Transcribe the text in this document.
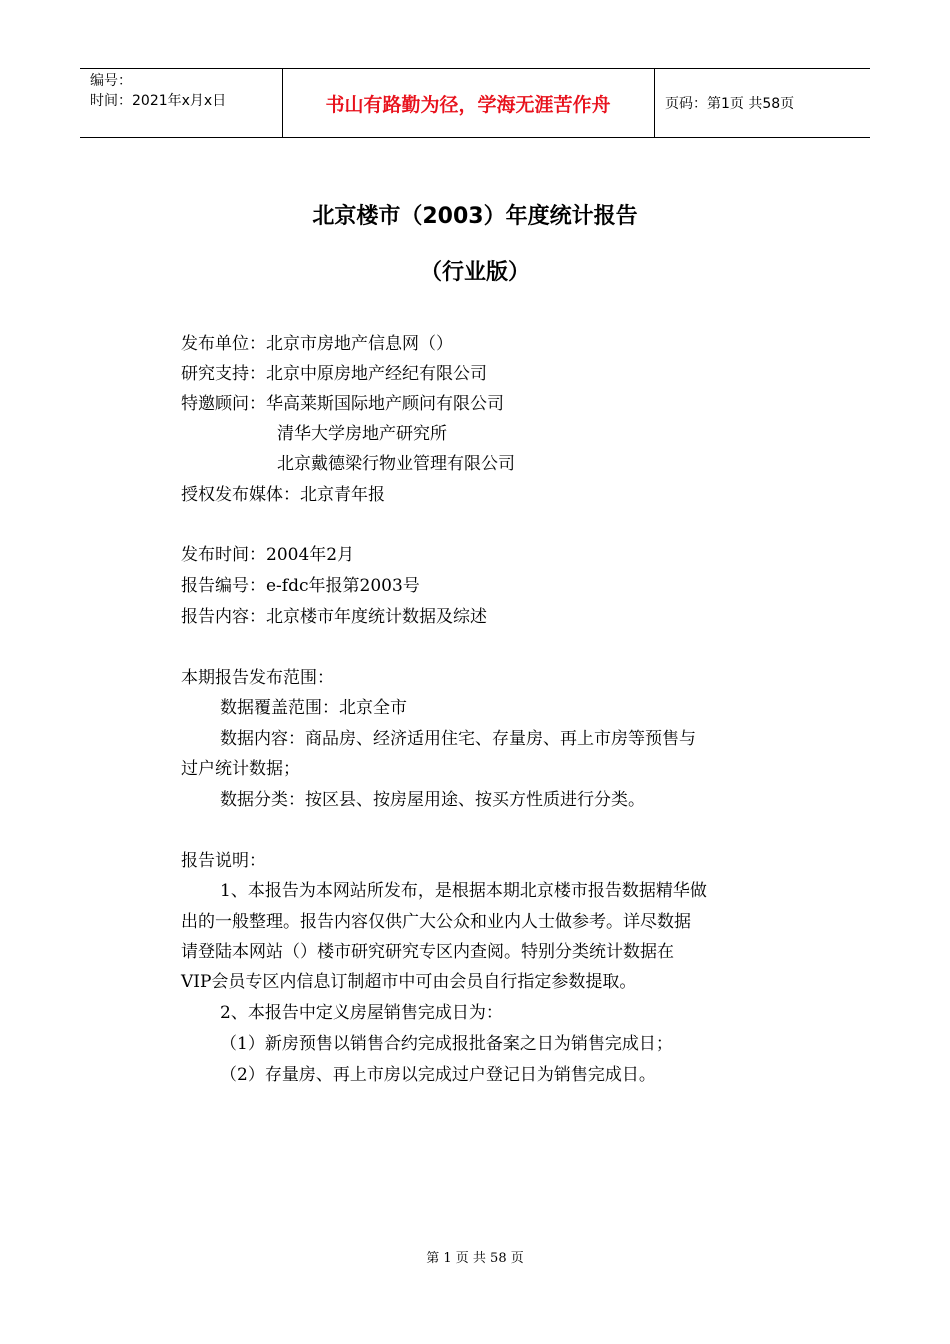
编号：
时间：2021年x月x日	书山有路勤为径，学海无涯苦作舟	页码：第1页 共58页
北京楼市（2003）年度统计报告
（行业版）
发布单位：北京市房地产信息网（）
研究支持：北京中原房地产经纪有限公司
特邀顾问：华高莱斯国际地产顾问有限公司
清华大学房地产研究所
北京戴德梁行物业管理有限公司
授权发布媒体：北京青年报
发布时间：2004年2月
报告编号：e-fdc年报第2003号
报告内容：北京楼市年度统计数据及综述
本期报告发布范围：
数据覆盖范围：北京全市
数据内容：商品房、经济适用住宅、存量房、再上市房等预售与
过户统计数据；
数据分类：按区县、按房屋用途、按买方性质进行分类。
报告说明：
1、本报告为本网站所发布，是根据本期北京楼市报告数据精华做
出的一般整理。报告内容仅供广大公众和业内人士做参考。详尽数据
请登陆本网站（）楼市研究研究专区内查阅。特别分类统计数据在
VIP会员专区内信息订制超市中可由会员自行指定参数提取。
2、本报告中定义房屋销售完成日为：
（1）新房预售以销售合约完成报批备案之日为销售完成日；
（2）存量房、再上市房以完成过户登记日为销售完成日。
第 1 页 共 58 页
